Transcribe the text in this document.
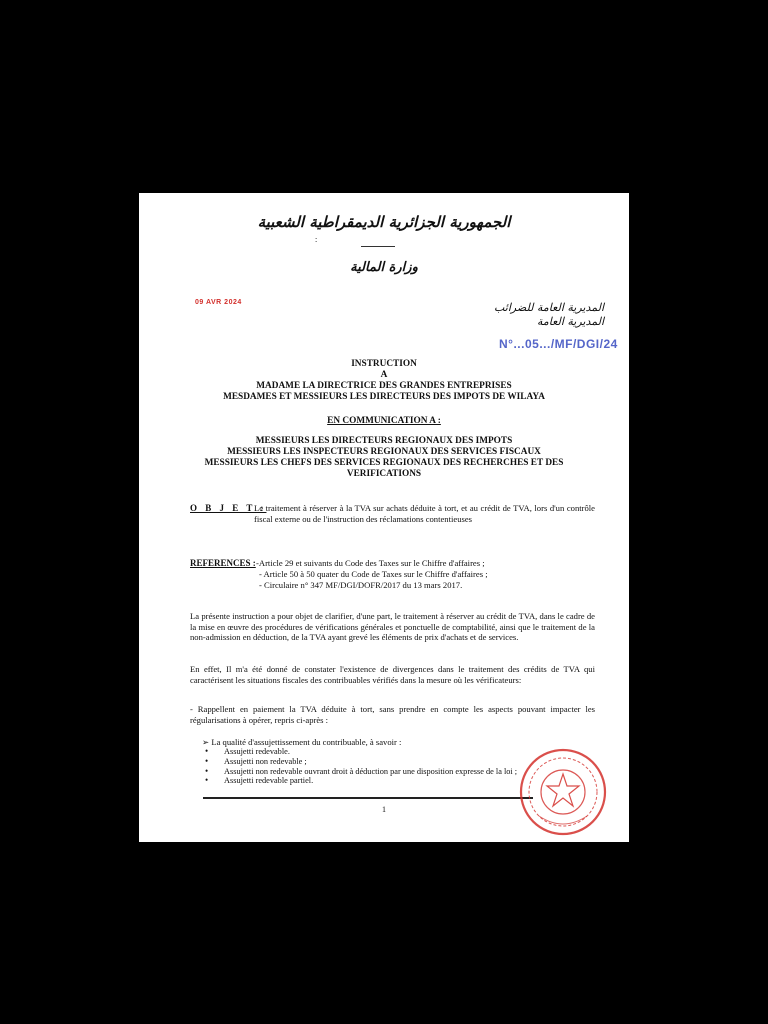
الجمهورية الجزائرية الديمقراطية الشعبية
:
وزارة المالية
09 AVR 2024	المديرية العامة للضرائب
المديرية العامة
N°...05.../MF/DGI/24
INSTRUCTION
A
MADAME LA DIRECTRICE DES GRANDES ENTREPRISES
MESDAMES ET MESSIEURS LES DIRECTEURS DES IMPOTS DE WILAYA
EN COMMUNICATION A :
MESSIEURS LES DIRECTEURS REGIONAUX DES IMPOTS
MESSIEURS LES INSPECTEURS REGIONAUX DES SERVICES FISCAUX
MESSIEURS LES CHEFS DES SERVICES REGIONAUX DES RECHERCHES ET DES
VERIFICATIONS
O B J E T :
Le traitement à réserver à la TVA sur achats déduite à tort, et au crédit de TVA, lors d'un contrôle fiscal externe ou de l'instruction des réclamations contentieuses
REFERENCES : -Article 29 et suivants du Code des Taxes sur le Chiffre d'affaires ;
- Article 50 à 50 quater du Code de Taxes sur le Chiffre d'affaires ;
- Circulaire n° 347 MF/DGI/DOFR/2017 du 13 mars 2017.
La présente instruction a pour objet de clarifier, d'une part, le traitement à réserver au crédit de TVA, dans le cadre de la mise en œuvre des procédures de vérifications générales et ponctuelle de comptabilité, ainsi que le traitement de la non-admission en déduction, de la TVA ayant grevé les éléments de prix d'achats et de services.
En effet, Il m'a été donné de constater l'existence de divergences dans le traitement des crédits de TVA qui caractérisent les situations fiscales des contribuables vérifiés dans la mesure où les vérificateurs:
- Rappellent en paiement la TVA déduite à tort, sans prendre en compte les aspects pouvant impacter les régularisations à opérer, repris ci-après :
➢ La qualité d'assujettissement du contribuable, à savoir :
• Assujetti redevable.
• Assujetti non redevable ;
• Assujetti non redevable ouvrant droit à déduction par une disposition expresse de la loi ;
• Assujetti redevable partiel.
1
